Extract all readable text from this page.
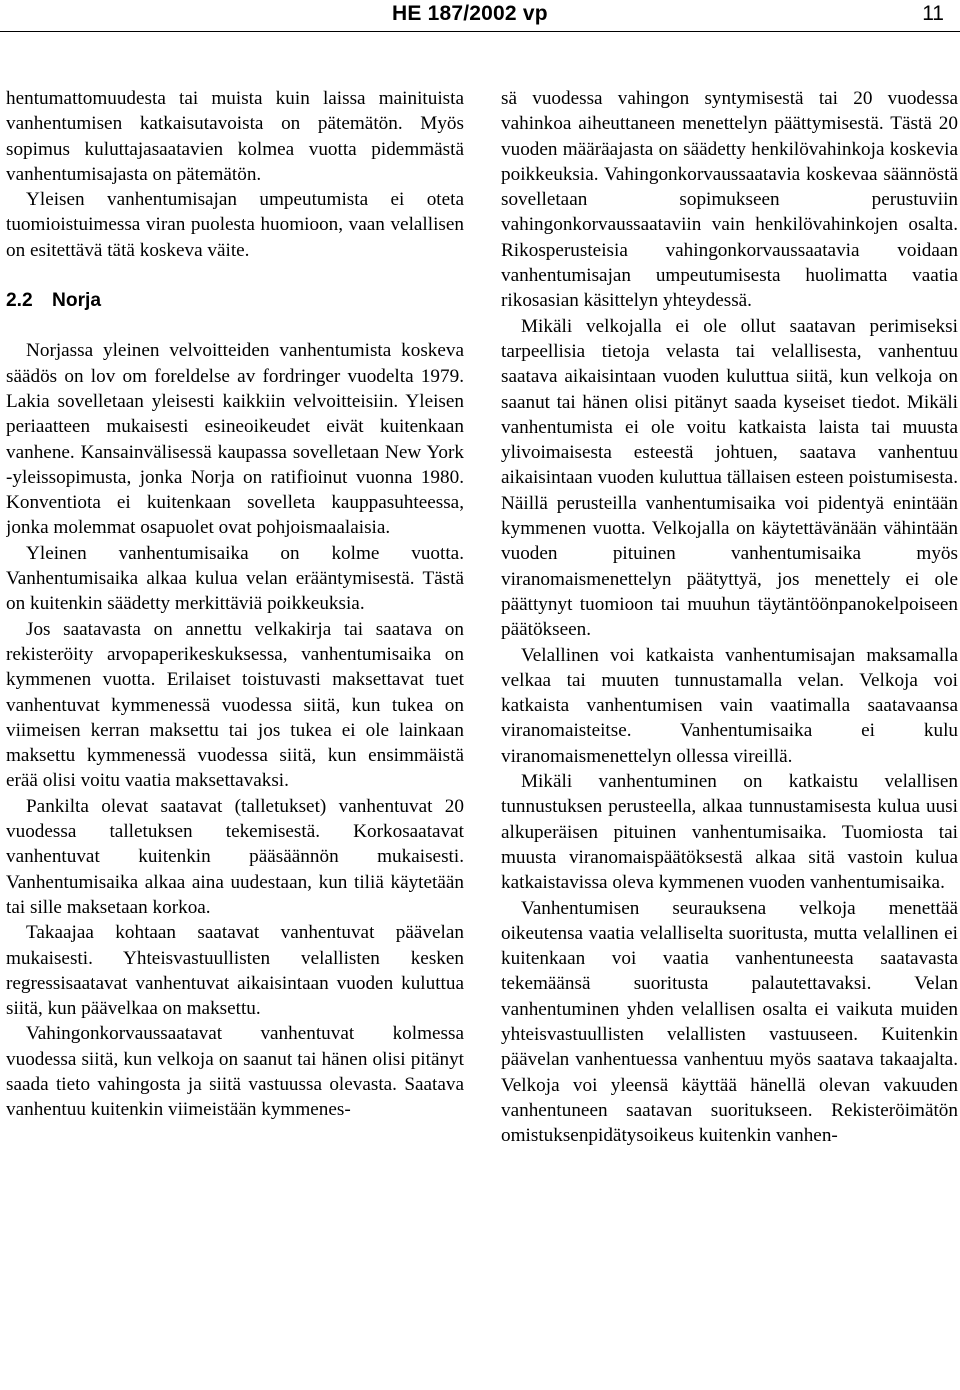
HE 187/2002 vp	11

hentumattomuudesta tai muista kuin laissa mainituista vanhentumisen katkaisutavoista on pätemätön. Myös sopimus kuluttajasaatavien kolmea vuotta pidemmästä vanhentumisajasta on pätemätön.

Yleisen vanhentumisajan umpeutumista ei oteta tuomioistuimessa viran puolesta huomioon, vaan velallisen on esitettävä tätä koskeva väite.

2.2 Norja

Norjassa yleinen velvoitteiden vanhentumista koskeva säädös on lov om foreldelse av fordringer vuodelta 1979. Lakia sovelletaan yleisesti kaikkiin velvoitteisiin. Yleisen periaatteen mukaisesti esineoikeudet eivät kuitenkaan vanhene. Kansainvälisessä kaupassa sovelletaan New York -yleissopimusta, jonka Norja on ratifioinut vuonna 1980. Konventiota ei kuitenkaan sovelleta kauppasuhteessa, jonka molemmat osapuolet ovat pohjoismaalaisia.

Yleinen vanhentumisaika on kolme vuotta. Vanhentumisaika alkaa kulua velan erääntymisestä. Tästä on kuitenkin säädetty merkittäviä poikkeuksia.

Jos saatavasta on annettu velkakirja tai saatava on rekisteröity arvopaperikeskuksessa, vanhentumisaika on kymmenen vuotta. Erilaiset toistuvasti maksettavat tuet vanhentuvat kymmenessä vuodessa siitä, kun tukea on viimeisen kerran maksettu tai jos tukea ei ole lainkaan maksettu kymmenessä vuodessa siitä, kun ensimmäistä erää olisi voitu vaatia maksettavaksi.

Pankilta olevat saatavat (talletukset) vanhentuvat 20 vuodessa talletuksen tekemisestä. Korkosaatavat vanhentuvat kuitenkin pääsäännön mukaisesti. Vanhentumisaika alkaa aina uudestaan, kun tiliä käytetään tai sille maksetaan korkoa.

Takaajaa kohtaan saatavat vanhentuvat päävelan mukaisesti. Yhteisvastuullisten velallisten kesken regressisaatavat vanhentuvat aikaisintaan vuoden kuluttua siitä, kun päävelkaa on maksettu.

Vahingonkorvaussaatavat vanhentuvat kolmessa vuodessa siitä, kun velkoja on saanut tai hänen olisi pitänyt saada tieto vahingosta ja siitä vastuussa olevasta. Saatava vanhentuu kuitenkin viimeistään kymmenes-

sä vuodessa vahingon syntymisestä tai 20 vuodessa vahinkoa aiheuttaneen menettelyn päättymisestä. Tästä 20 vuoden määräajasta on säädetty henkilövahinkoja koskevia poikkeuksia. Vahingonkorvaussaatavia koskevaa säännöstä sovelletaan sopimukseen perustuviin vahingonkorvaussaataviin vain henkilövahinkojen osalta. Rikosperusteisia vahingonkorvaussaatavia voidaan vanhentumisajan umpeutumisesta huolimatta vaatia rikosasian käsittelyn yhteydessä.

Mikäli velkojalla ei ole ollut saatavan perimiseksi tarpeellisia tietoja velasta tai velallisesta, vanhentuu saatava aikaisintaan vuoden kuluttua siitä, kun velkoja on saanut tai hänen olisi pitänyt saada kyseiset tiedot. Mikäli vanhentumista ei ole voitu katkaista laista tai muusta ylivoimaisesta esteestä johtuen, saatava vanhentuu aikaisintaan vuoden kuluttua tällaisen esteen poistumisesta. Näillä perusteilla vanhentumisaika voi pidentyä enintään kymmenen vuotta. Velkojalla on käytettävänään vähintään vuoden pituinen vanhentumisaika myös viranomaismenettelyn päätyttyä, jos menettely ei ole päättynyt tuomioon tai muuhun täytäntöönpanokelpoiseen päätökseen.

Velallinen voi katkaista vanhentumisajan maksamalla velkaa tai muuten tunnustamalla velan. Velkoja voi katkaista vanhentumisen vain vaatimalla saatavaansa viranomaisteitse. Vanhentumisaika ei kulu viranomaismenettelyn ollessa vireillä.

Mikäli vanhentuminen on katkaistu velallisen tunnustuksen perusteella, alkaa tunnustamisesta kulua uusi alkuperäisen pituinen vanhentumisaika. Tuomiosta tai muusta viranomaispäätöksestä alkaa sitä vastoin kulua katkaistavissa oleva kymmenen vuoden vanhentumisaika.

Vanhentumisen seurauksena velkoja menettää oikeutensa vaatia velalliselta suoritusta, mutta velallinen ei kuitenkaan voi vaatia vanhentuneesta saatavasta tekemäänsä suoritusta palautettavaksi. Velan vanhentuminen yhden velallisen osalta ei vaikuta muiden yhteisvastuullisten velallisten vastuuseen. Kuitenkin päävelan vanhentuessa vanhentuu myös saatava takaajalta. Velkoja voi yleensä käyttää hänellä olevan vakuuden vanhentuneen saatavan suoritukseen. Rekisteröimätön omistuksenpidätysoikeus kuitenkin vanhen-
